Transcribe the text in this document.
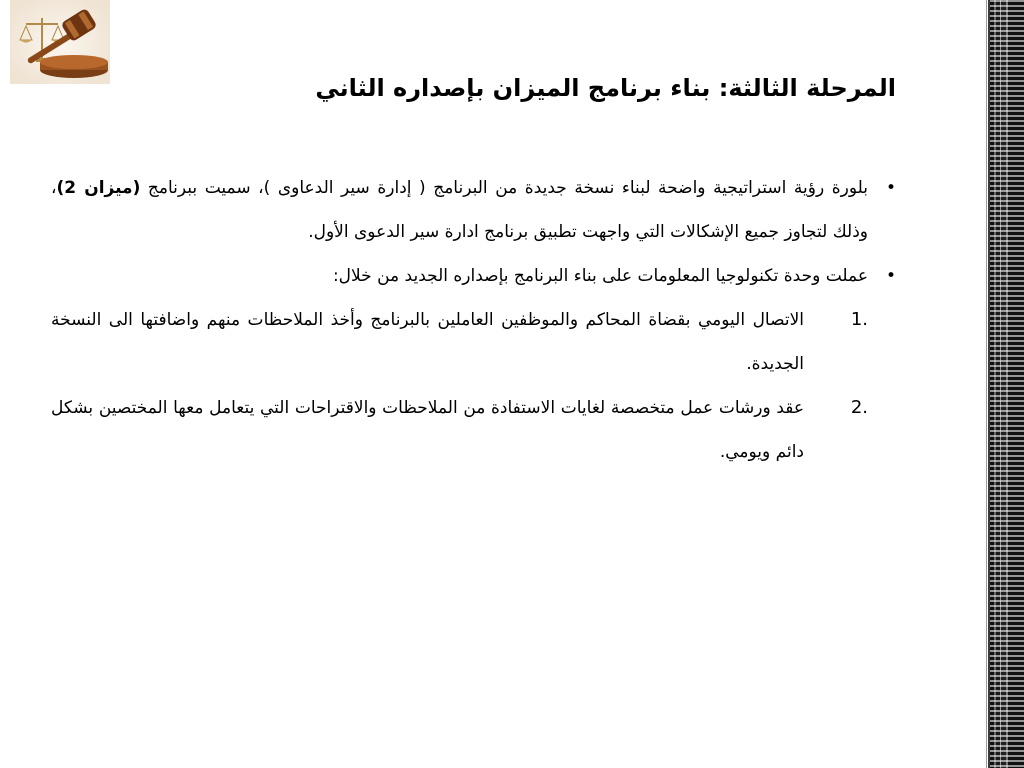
المرحلة الثالثة: بناء برنامج الميزان بإصداره الثاني

•
بلورة رؤية استراتيجية واضحة لبناء نسخة جديدة من البرنامج ( إدارة سير الدعاوى )، سميت ببرنامج (ميزان 2)، وذلك لتجاوز جميع الإشكالات التي واجهت تطبيق برنامج ادارة سير الدعوى الأول.

•
عملت وحدة تكنولوجيا المعلومات على بناء البرنامج بإصداره الجديد من خلال:

1.
الاتصال اليومي بقضاة المحاكم والموظفين العاملين بالبرنامج وأخذ الملاحظات منهم واضافتها الى النسخة الجديدة.

2.
عقد ورشات عمل متخصصة لغايات الاستفادة من الملاحظات والاقتراحات التي يتعامل معها المختصين بشكل دائم ويومي.
